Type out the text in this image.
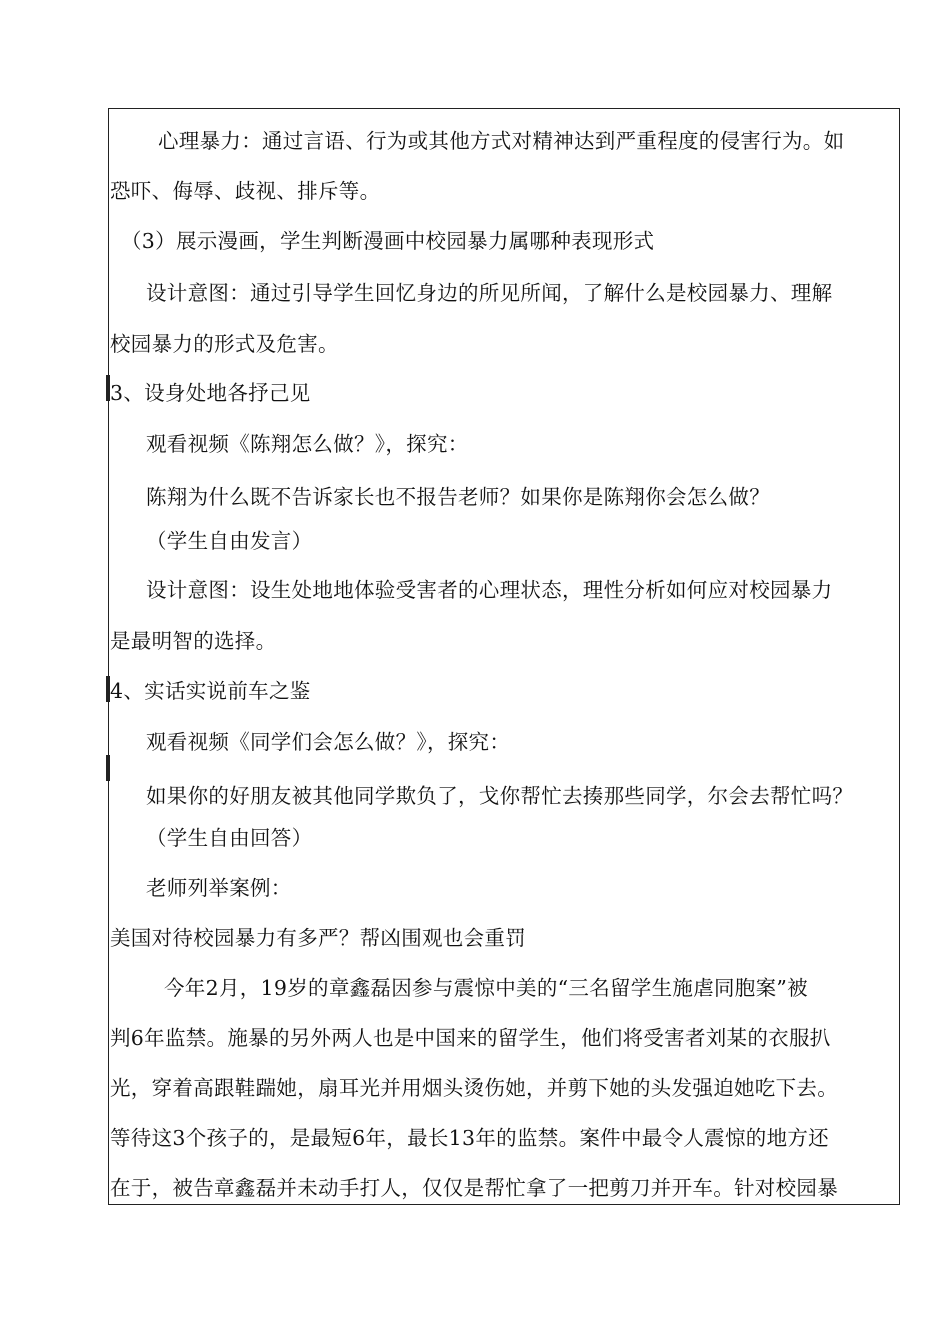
心理暴力：通过言语、行为或其他方式对精神达到严重程度的侵害行为。如
恐吓、侮辱、歧视、排斥等。
（3）展示漫画，学生判断漫画中校园暴力属哪种表现形式
设计意图：通过引导学生回忆身边的所见所闻，了解什么是校园暴力、理解
校园暴力的形式及危害。
3、设身处地各抒己见
观看视频《陈翔怎么做？》，探究：
陈翔为什么既不告诉家长也不报告老师？如果你是陈翔你会怎么做？
（学生自由发言）
设计意图：设生处地地体验受害者的心理状态，理性分析如何应对校园暴力
是最明智的选择。
4、实话实说前车之鉴
观看视频《同学们会怎么做？》，探究：
如果你的好朋友被其他同学欺负了，戈你帮忙去揍那些同学，尔会去帮忙吗？
（学生自由回答）
老师列举案例：
美国对待校园暴力有多严？帮凶围观也会重罚
今年2月，19岁的章鑫磊因参与震惊中美的“三名留学生施虐同胞案”被
判6年监禁。施暴的另外两人也是中国来的留学生，他们将受害者刘某的衣服扒
光，穿着高跟鞋踹她，扇耳光并用烟头烫伤她，并剪下她的头发强迫她吃下去。
等待这3个孩子的，是最短6年，最长13年的监禁。案件中最令人震惊的地方还
在于，被告章鑫磊并未动手打人，仅仅是帮忙拿了一把剪刀并开车。针对校园暴
